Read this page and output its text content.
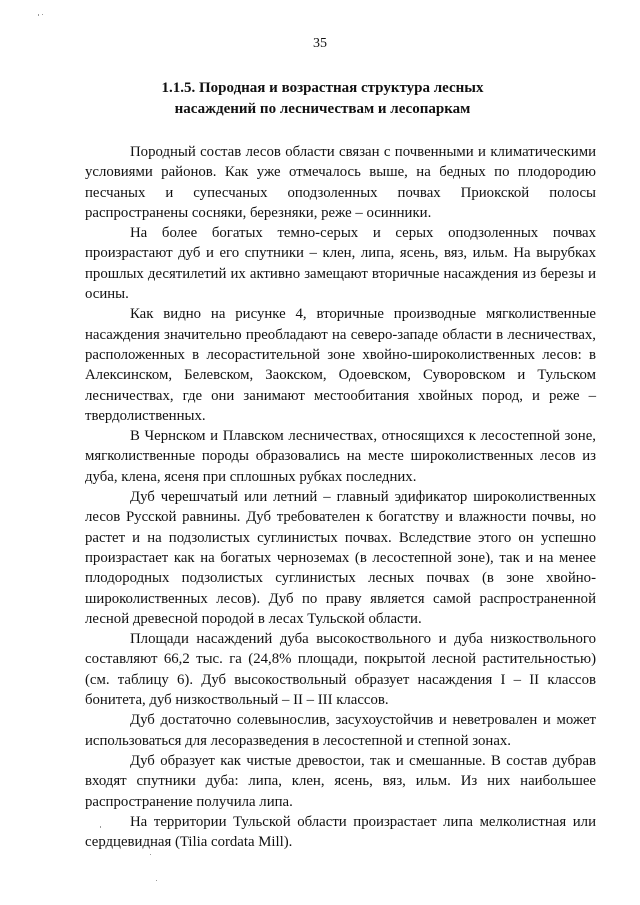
35
1.1.5. Породная и возрастная структура лесных насаждений по лесничествам и лесопаркам

Породный состав лесов области связан с почвенными и климатическими условиями районов. Как уже отмечалось выше, на бедных по плодородию песчаных и супесчаных оподзоленных почвах Приокской полосы распространены сосняки, березняки, реже – осинники.

На более богатых темно-серых и серых оподзоленных почвах произрастают дуб и его спутники – клен, липа, ясень, вяз, ильм. На вырубках прошлых десятилетий их активно замещают вторичные насаждения из березы и осины.

Как видно на рисунке 4, вторичные производные мягколиственные насаждения значительно преобладают на северо-западе области в лесничествах, расположенных в лесорастительной зоне хвойно-широколиственных лесов: в Алексинском, Белевском, Заокском, Одоевском, Суворовском и Тульском лесничествах, где они занимают местообитания хвойных пород, и реже – твердолиственных.

В Чернском и Плавском лесничествах, относящихся к лесостепной зоне, мягколиственные породы образовались на месте широколиственных лесов из дуба, клена, ясеня при сплошных рубках последних.

Дуб черешчатый или летний – главный эдификатор широколиственных лесов Русской равнины. Дуб требователен к богатству и влажности почвы, но растет и на подзолистых суглинистых почвах. Вследствие этого он успешно произрастает как на богатых черноземах (в лесостепной зоне), так и на менее плодородных подзолистых суглинистых лесных почвах (в зоне хвойно-широколиственных лесов). Дуб по праву является самой распространенной лесной древесной породой в лесах Тульской области.

Площади насаждений дуба высокоствольного и дуба низкоствольного составляют 66,2 тыс. га (24,8% площади, покрытой лесной растительностью) (см. таблицу 6). Дуб высокоствольный образует насаждения I – II классов бонитета, дуб низкоствольный – II – III классов.

Дуб достаточно солевынослив, засухоустойчив и неветровален и может использоваться для лесоразведения в лесостепной и степной зонах.

Дуб образует как чистые древостои, так и смешанные. В состав дубрав входят спутники дуба: липа, клен, ясень, вяз, ильм. Из них наибольшее распространение получила липа.

На территории Тульской области произрастает липа мелколистная или сердцевидная (Tilia cordata Mill).
